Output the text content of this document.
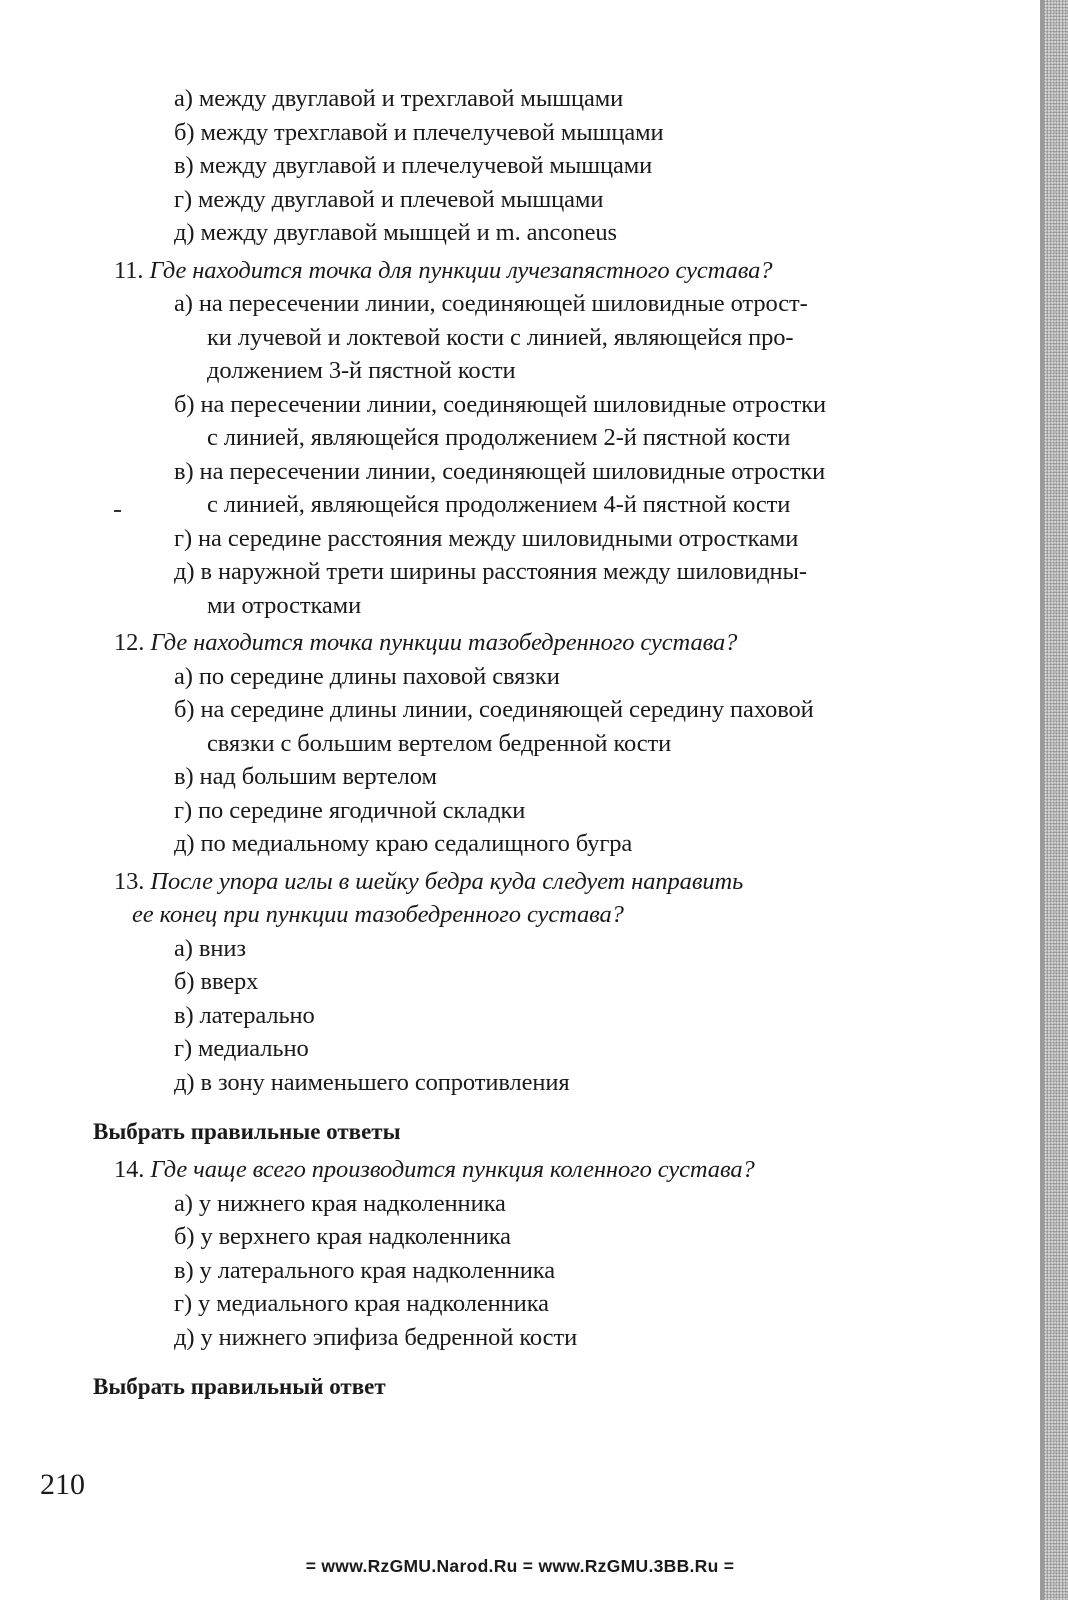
а) между двуглавой и трехглавой мышцами
б) между трехглавой и плечелучевой мышцами
в) между двуглавой и плечелучевой мышцами
г) между двуглавой и плечевой мышцами
д) между двуглавой мышцей и m. anconeus
11. Где находится точка для пункции лучезапястного сустава?
а) на пересечении линии, соединяющей шиловидные отрост-
ки лучевой и локтевой кости с линией, являющейся про-
должением 3-й пястной кости
б) на пересечении линии, соединяющей шиловидные отростки
с линией, являющейся продолжением 2-й пястной кости
в) на пересечении линии, соединяющей шиловидные отростки
с линией, являющейся продолжением 4-й пястной кости
г) на середине расстояния между шиловидными отростками
д) в наружной трети ширины расстояния между шиловидны-
ми отростками
12. Где находится точка пункции тазобедренного сустава?
а) по середине длины паховой связки
б) на середине длины линии, соединяющей середину паховой
связки с большим вертелом бедренной кости
в) над большим вертелом
г) по середине ягодичной складки
д) по медиальному краю седалищного бугра
13. После упора иглы в шейку бедра куда следует направить
ее конец при пункции тазобедренного сустава?
а) вниз
б) вверх
в) латерально
г) медиально
д) в зону наименьшего сопротивления
Выбрать правильные ответы
14. Где чаще всего производится пункция коленного сустава?
а) у нижнего края надколенника
б) у верхнего края надколенника
в) у латерального края надколенника
г) у медиального края надколенника
д) у нижнего эпифиза бедренной кости
Выбрать правильный ответ
210
= www.RzGMU.Narod.Ru = www.RzGMU.3BB.Ru =
